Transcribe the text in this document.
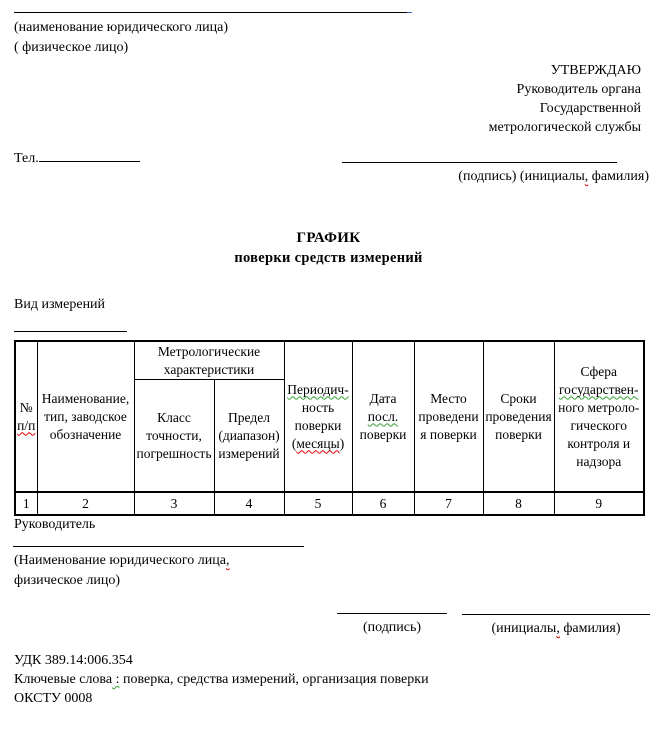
(наименование юридического лица)
( физическое лицо)
УТВЕРЖДАЮ
Руководитель органа
Государственной
метрологической службы
Тел.
(подпись) (инициалы, фамилия)
ГРАФИК
поверки средств измерений
Вид измерений
№
п/п

Наименование,
тип, заводское
обозначение

Метрологические
характеристики

Периодич-
ность
поверки
(месяцы)

Дата
посл.
поверки

Место
проведени
я поверки

Сроки
проведения
поверки

Сфера
государствен-
ного метроло-
гического
контроля и
надзора

Класс
точности,
погрешность

Предел
(диапазон)
измерений

1	2	3	4	5	6	7	8	9
Руководитель
(Наименование юридического лица,
физическое лицо)
(подпись)	(инициалы, фамилия)
УДК 389.14:006.354
Ключевые слова : поверка, средства измерений, организация поверки
ОКСТУ 0008
